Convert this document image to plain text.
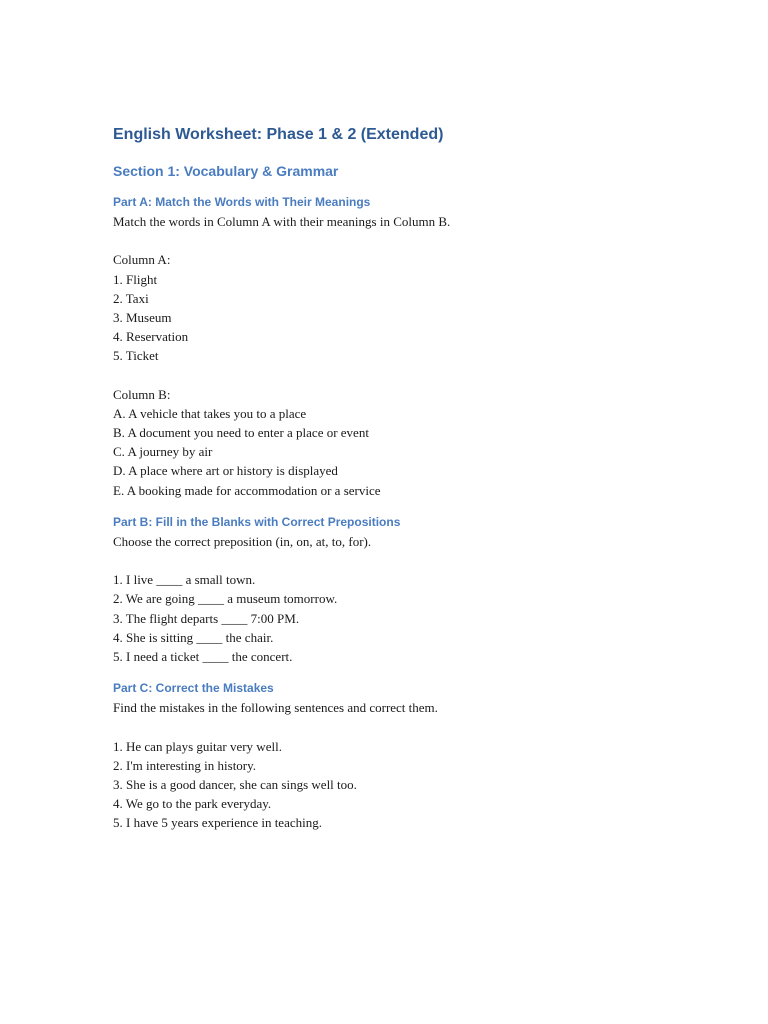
English Worksheet: Phase 1 & 2 (Extended)
Section 1: Vocabulary & Grammar
Part A: Match the Words with Their Meanings

Match the words in Column A with their meanings in Column B.

Column A:

1. Flight

2. Taxi

3. Museum

4. Reservation

5. Ticket

Column B:

A. A vehicle that takes you to a place

B. A document you need to enter a place or event

C. A journey by air

D. A place where art or history is displayed

E. A booking made for accommodation or a service

Part B: Fill in the Blanks with Correct Prepositions

Choose the correct preposition (in, on, at, to, for).

1. I live ____ a small town.

2. We are going ____ a museum tomorrow.

3. The flight departs ____ 7:00 PM.

4. She is sitting ____ the chair.

5. I need a ticket ____ the concert.

Part C: Correct the Mistakes

Find the mistakes in the following sentences and correct them.

1. He can plays guitar very well.

2. I'm interesting in history.

3. She is a good dancer, she can sings well too.

4. We go to the park everyday.

5. I have 5 years experience in teaching.
